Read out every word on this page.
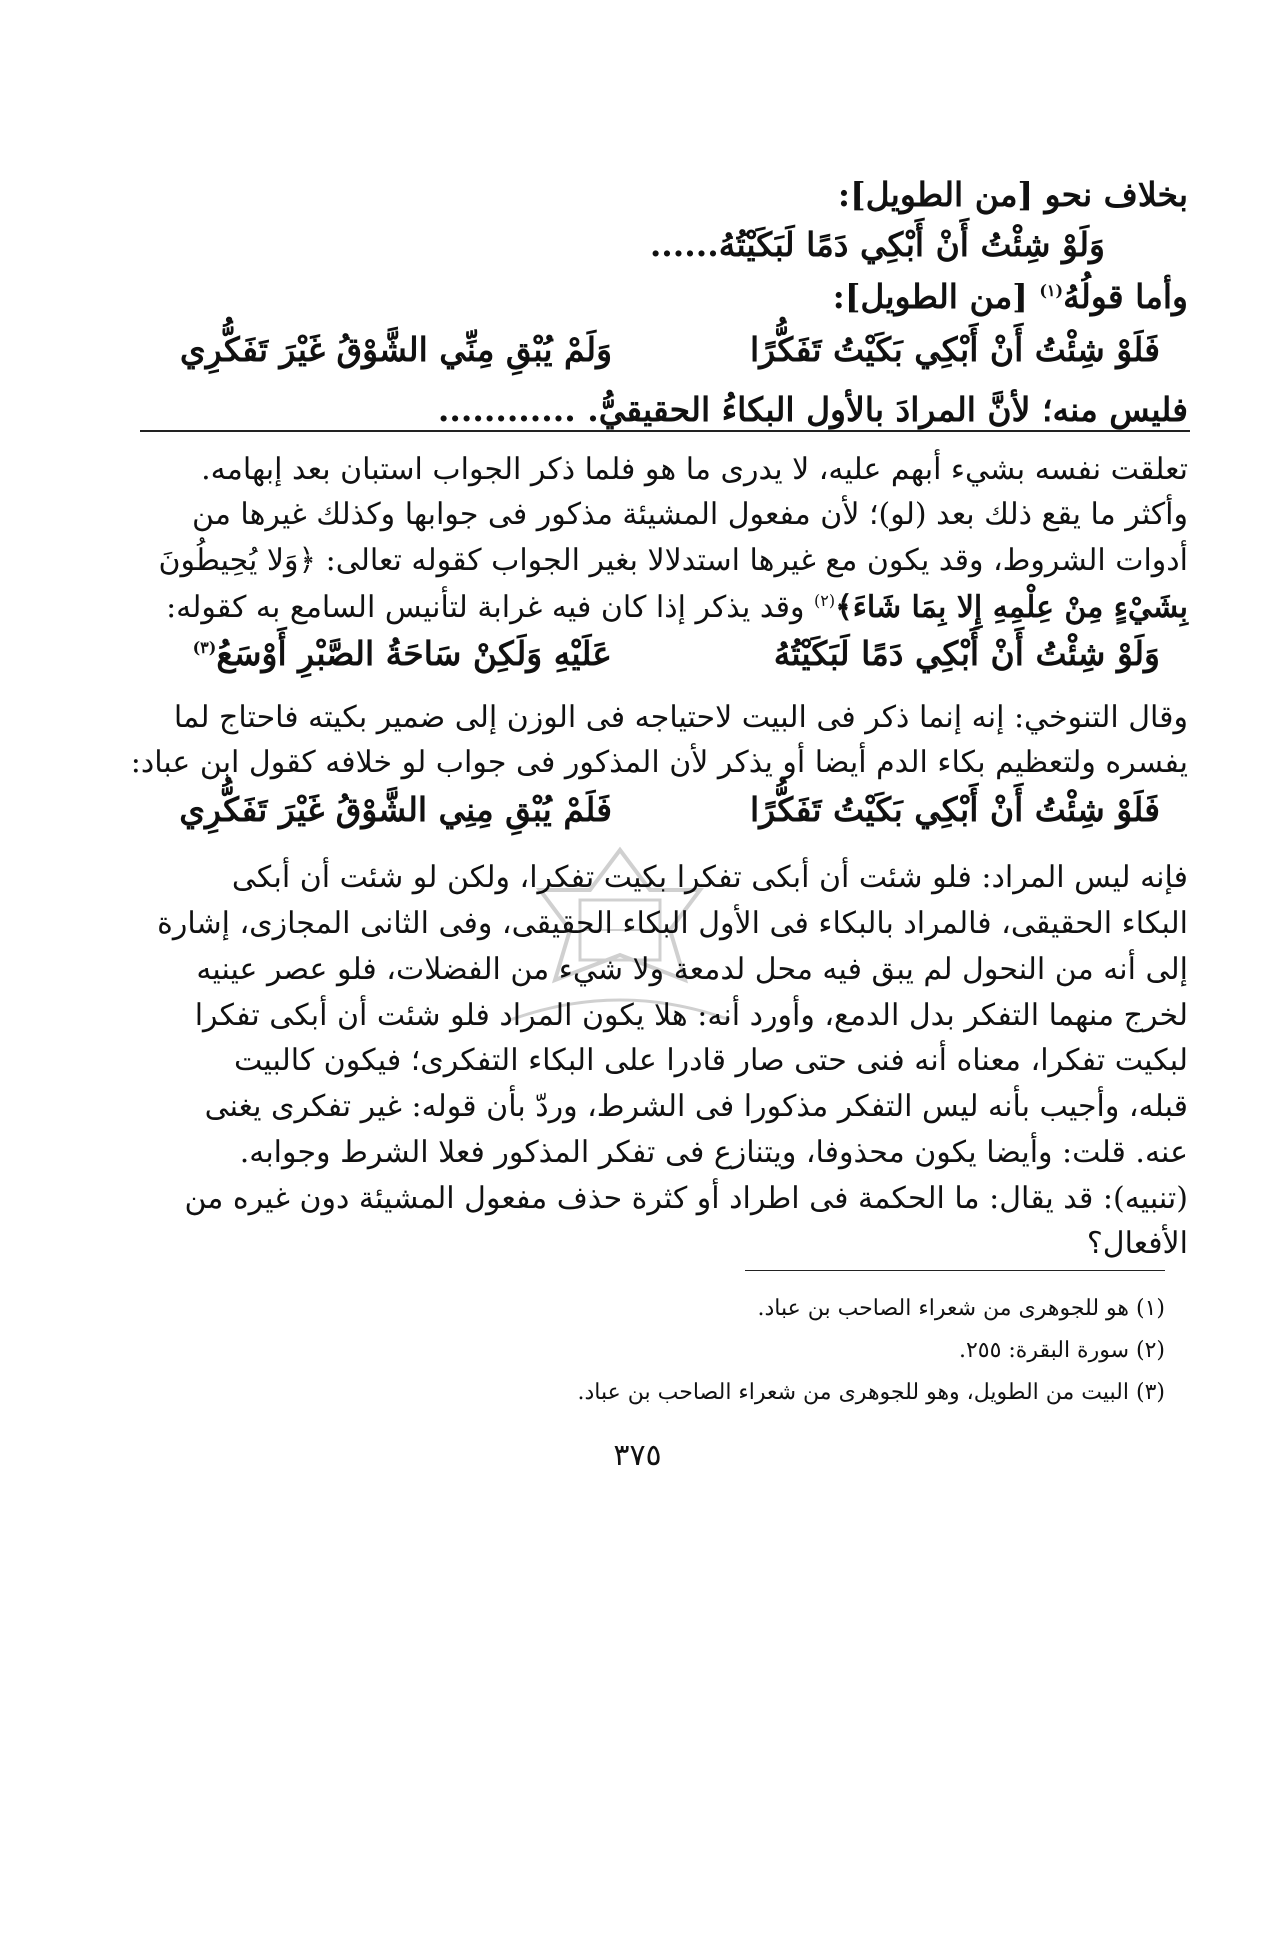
بخلاف نحو [من الطويل]:
وَلَوْ شِئْتُ أَنْ أَبْكِي دَمًا لَبَكَيْتُهُ......
وأما قولُهُ$^{(١)}$ [من الطويل]:
فَلَوْ شِئْتُ أَنْ أَبْكِي بَكَيْتُ تَفَكُّرًا
وَلَمْ يُبْقِ مِنِّي الشَّوْقُ غَيْرَ تَفَكُّرِي
فليس منه؛ لأنَّ المرادَ بالأول البكاءُ الحقيقيُّ. ............
تعلقت نفسه بشيء أبهم عليه، لا يدرى ما هو فلما ذكر الجواب استبان بعد إبهامه.
وأكثر ما يقع ذلك بعد (لو)؛ لأن مفعول المشيئة مذكور فى جوابها وكذلك غيرها من
أدوات الشروط، وقد يكون مع غيرها استدلالا بغير الجواب كقوله تعالى: ﴿وَلا يُحِيطُونَ
بِشَيْءٍ مِنْ عِلْمِهِ إِلا بِمَا شَاءَ﴾$^{(٢)}$ وقد يذكر إذا كان فيه غرابة لتأنيس السامع به كقوله:
وَلَوْ شِئْتُ أَنْ أَبْكِي دَمًا لَبَكَيْتُهُ
عَلَيْهِ وَلَكِنْ سَاحَةُ الصَّبْرِ أَوْسَعُ$^{(٣)}$
وقال التنوخي: إنه إنما ذكر فى البيت لاحتياجه فى الوزن إلى ضمير بكيته فاحتاج لما
يفسره ولتعظيم بكاء الدم أيضا أو يذكر لأن المذكور فى جواب لو خلافه كقول ابن عباد:
فَلَوْ شِئْتُ أَنْ أَبْكِي بَكَيْتُ تَفَكُّرًا
فَلَمْ يُبْقِ مِنِي الشَّوْقُ غَيْرَ تَفَكُّرِي
فإنه ليس المراد: فلو شئت أن أبكى تفكرا بكيت تفكرا، ولكن لو شئت أن أبكى
البكاء الحقيقى، فالمراد بالبكاء فى الأول البكاء الحقيقى، وفى الثانى المجازى، إشارة
إلى أنه من النحول لم يبق فيه محل لدمعة ولا شيء من الفضلات، فلو عصر عينيه
لخرج منهما التفكر بدل الدمع، وأورد أنه: هلا يكون المراد فلو شئت أن أبكى تفكرا
لبكيت تفكرا، معناه أنه فنى حتى صار قادرا على البكاء التفكرى؛ فيكون كالبيت
قبله، وأجيب بأنه ليس التفكر مذكورا فى الشرط، وردّ بأن قوله: غير تفكرى يغنى
عنه. قلت: وأيضا يكون محذوفا، ويتنازع فى تفكر المذكور فعلا الشرط وجوابه.
(تنبيه): قد يقال: ما الحكمة فى اطراد أو كثرة حذف مفعول المشيئة دون غيره من
الأفعال؟
(١) هو للجوهرى من شعراء الصاحب بن عباد.
(٢) سورة البقرة: ٢٥٥.
(٣) البيت من الطويل، وهو للجوهرى من شعراء الصاحب بن عباد.
٣٧٥
